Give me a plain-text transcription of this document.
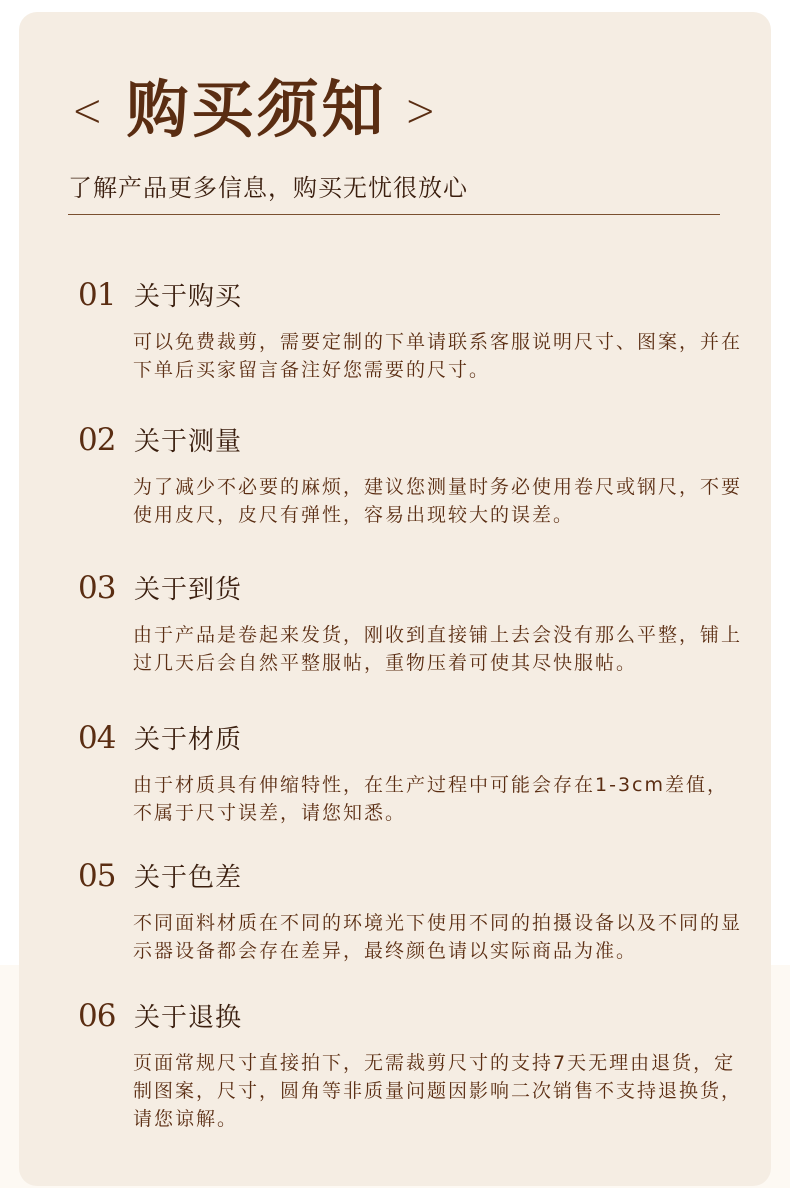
< 购买须知 >
了解产品更多信息，购买无忧很放心
01 关于购买
可以免费裁剪，需要定制的下单请联系客服说明尺寸、图案，并在下单后买家留言备注好您需要的尺寸。
02 关于测量
为了减少不必要的麻烦，建议您测量时务必使用卷尺或钢尺，不要使用皮尺，皮尺有弹性，容易出现较大的误差。
03 关于到货
由于产品是卷起来发货，刚收到直接铺上去会没有那么平整，铺上过几天后会自然平整服帖，重物压着可使其尽快服帖。
04 关于材质
由于材质具有伸缩特性，在生产过程中可能会存在1-3cm差值，不属于尺寸误差，请您知悉。
05 关于色差
不同面料材质在不同的环境光下使用不同的拍摄设备以及不同的显示器设备都会存在差异，最终颜色请以实际商品为准。
06 关于退换
页面常规尺寸直接拍下，无需裁剪尺寸的支持7天无理由退货，定制图案，尺寸，圆角等非质量问题因影响二次销售不支持退换货，请您谅解。
